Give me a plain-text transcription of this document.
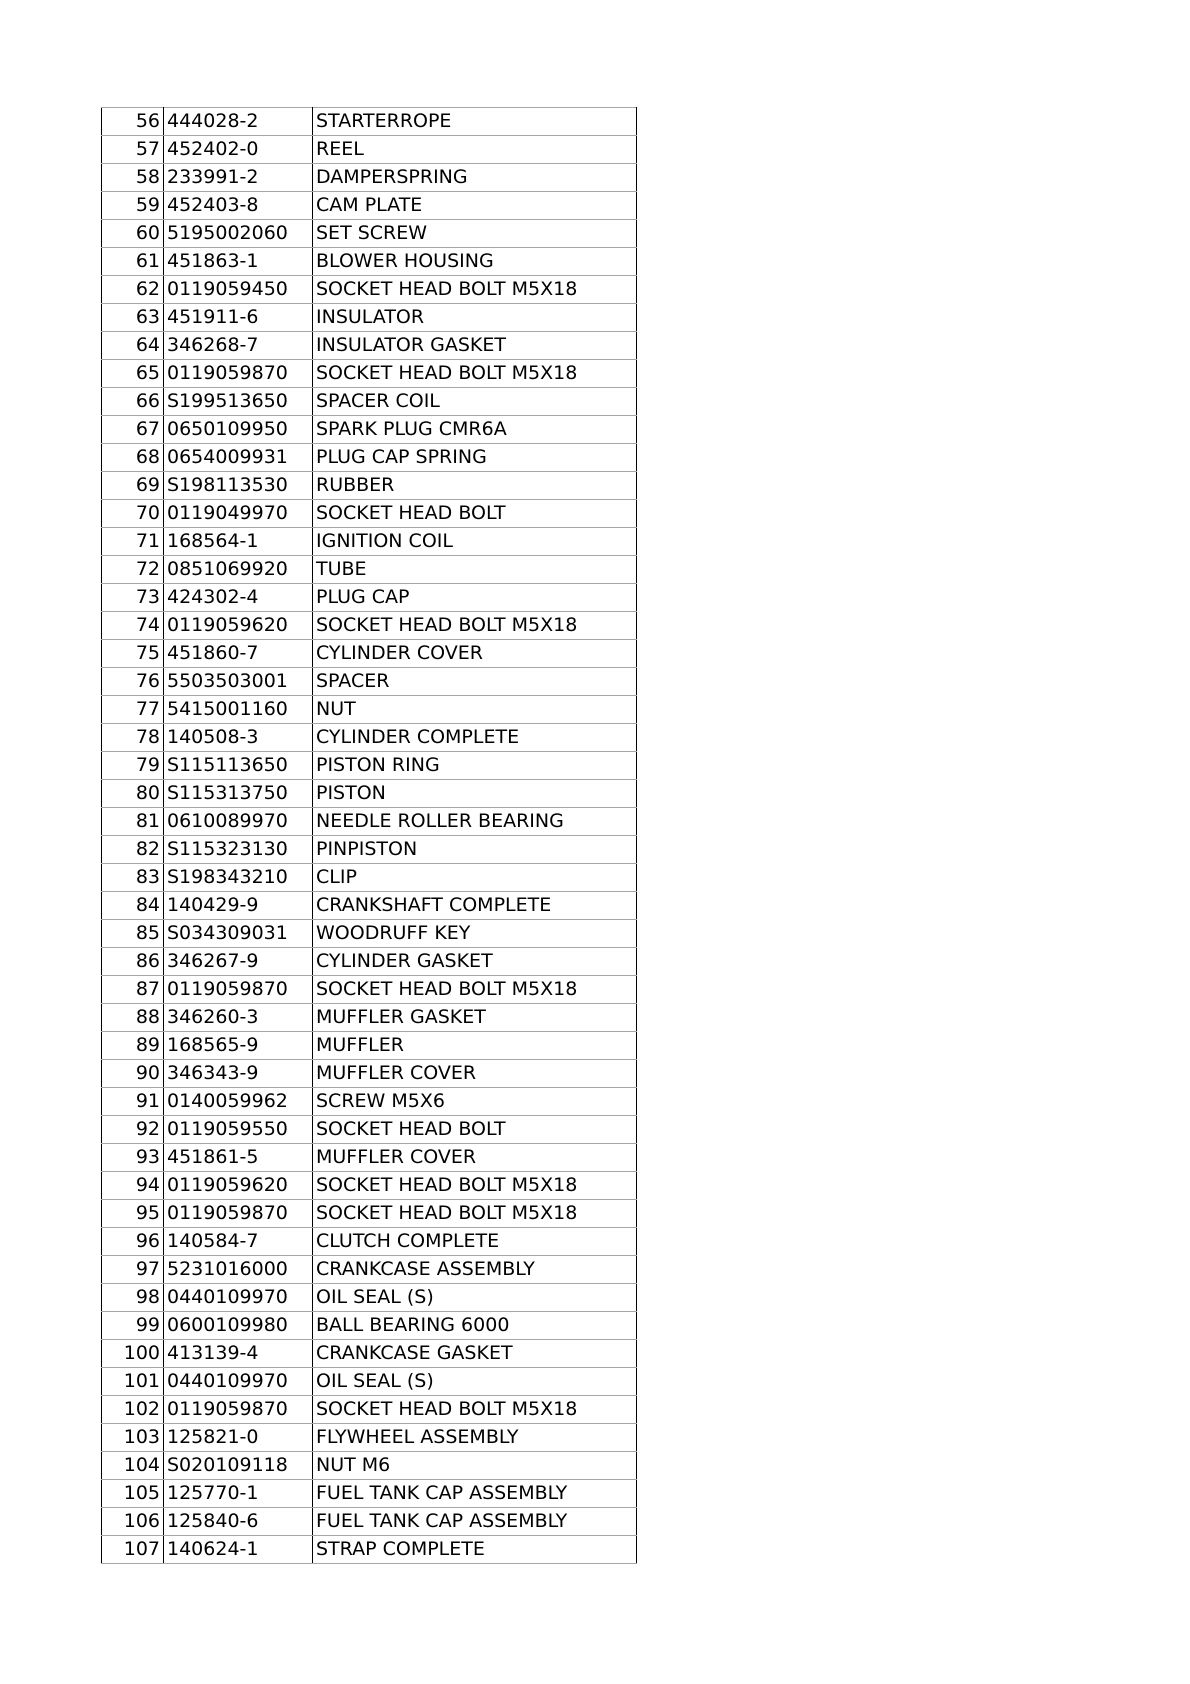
56	444028-2	STARTERROPE
57	452402-0	REEL
58	233991-2	DAMPERSPRING
59	452403-8	CAM PLATE
60	5195002060	SET SCREW
61	451863-1	BLOWER HOUSING
62	0119059450	SOCKET HEAD BOLT M5X18
63	451911-6	INSULATOR
64	346268-7	INSULATOR GASKET
65	0119059870	SOCKET HEAD BOLT M5X18
66	S199513650	SPACER COIL
67	0650109950	SPARK PLUG CMR6A
68	0654009931	PLUG CAP SPRING
69	S198113530	RUBBER
70	0119049970	SOCKET HEAD BOLT
71	168564-1	IGNITION COIL
72	0851069920	TUBE
73	424302-4	PLUG CAP
74	0119059620	SOCKET HEAD BOLT M5X18
75	451860-7	CYLINDER COVER
76	5503503001	SPACER
77	5415001160	NUT
78	140508-3	CYLINDER COMPLETE
79	S115113650	PISTON RING
80	S115313750	PISTON
81	0610089970	NEEDLE ROLLER BEARING
82	S115323130	PINPISTON
83	S198343210	CLIP
84	140429-9	CRANKSHAFT COMPLETE
85	S034309031	WOODRUFF KEY
86	346267-9	CYLINDER GASKET
87	0119059870	SOCKET HEAD BOLT M5X18
88	346260-3	MUFFLER GASKET
89	168565-9	MUFFLER
90	346343-9	MUFFLER COVER
91	0140059962	SCREW M5X6
92	0119059550	SOCKET HEAD BOLT
93	451861-5	MUFFLER COVER
94	0119059620	SOCKET HEAD BOLT M5X18
95	0119059870	SOCKET HEAD BOLT M5X18
96	140584-7	CLUTCH COMPLETE
97	5231016000	CRANKCASE ASSEMBLY
98	0440109970	OIL SEAL (S)
99	0600109980	BALL BEARING 6000
100	413139-4	CRANKCASE GASKET
101	0440109970	OIL SEAL (S)
102	0119059870	SOCKET HEAD BOLT M5X18
103	125821-0	FLYWHEEL ASSEMBLY
104	S020109118	NUT M6
105	125770-1	FUEL TANK CAP ASSEMBLY
106	125840-6	FUEL TANK CAP ASSEMBLY
107	140624-1	STRAP COMPLETE
